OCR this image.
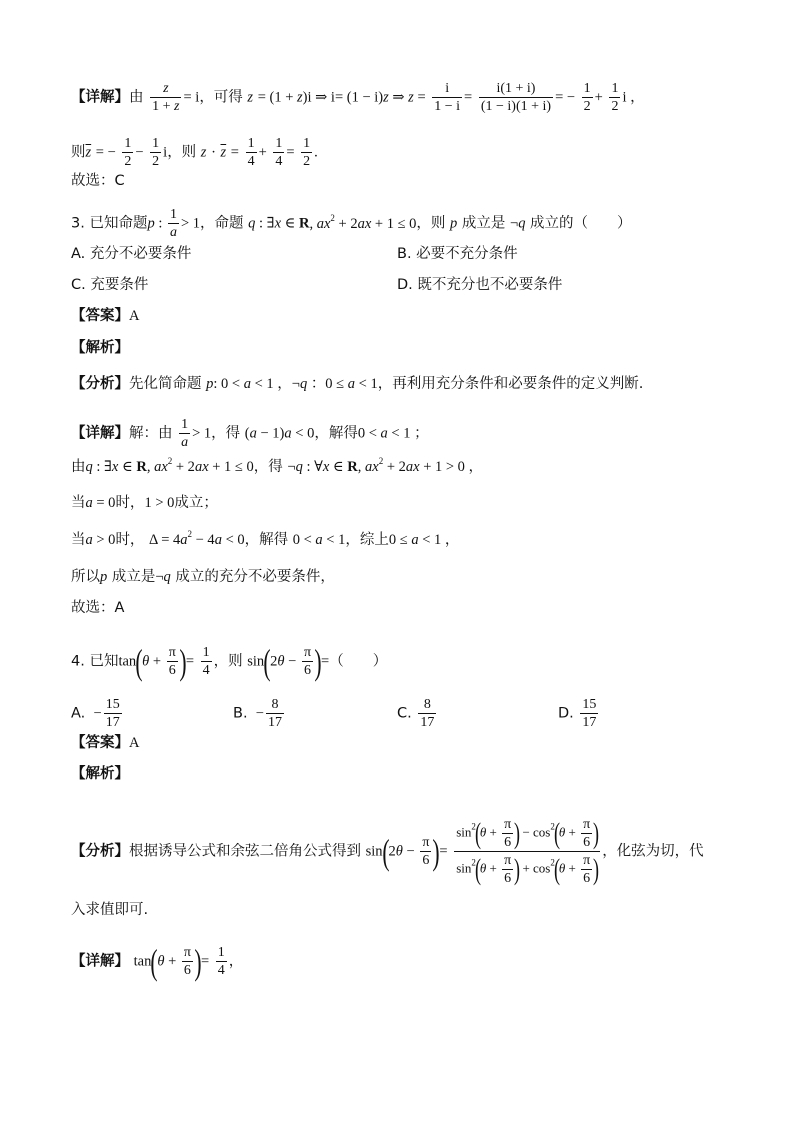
【详解】由 $\frac{z}{1 + z} = i$，可得 z = (1 + z)i ⇒ i= (1 − i)z ⇒ $z = \frac{i}{1 - i} = \frac{i(1 + i)}{(1 - i)(1 + i)}$ = − $\frac{1}{2} + \frac{1}{2}$ i ，
则$\overline{z}$ = − $\frac{1}{2} - \frac{1}{2}$ i，则 $z \cdot \overline{z} = \frac{1}{4} + \frac{1}{4} = \frac{1}{2}$ .
故选：C
3. 已知命题p : $\frac{1}{a} > 1$，命题 q : ∃x ∈ R, $ax^2 + 2ax + 1 \le 0$，则 p 成立是 ¬q 成立的（　　）
A. 充分不必要条件	B. 必要不充分条件
C. 充要条件	D. 既不充分也不必要条件
【答案】A
【解析】
【分析】先化简命题 p: 0 < a < 1 ，¬q ：0 ≤ a < 1，再利用充分条件和必要条件的定义判断.
【详解】解：由 $\frac{1}{a} > 1$，得 (a − 1)a < 0，解得0 < a < 1 ；
由q : ∃x ∈ R, $ax^2 + 2ax + 1 \le 0$，得 ¬q : ∀x ∈ R, $ax^2 + 2ax + 1 > 0$ ，
当a = 0时，1 > 0成立；
当a > 0时， $\Delta = 4a^2 - 4a < 0$，解得 0 < a < 1，综上0 ≤ a < 1 ，
所以p 成立是¬q 成立的充分不必要条件，
故选：A
4. 已知$\tan(\theta + \frac{\pi}{6}$ )= $\frac{1}{4}$ ，则 $\sin(2\theta - \frac{\pi}{6}$ )=（　　）
A.  − $\frac{15}{17}$	B.  − $\frac{8}{17}$	C. $\frac{8}{17}$	D. $\frac{15}{17}$
【答案】A
【解析】
【分析】根据诱导公式和余弦二倍角公式得到 $\sin(2\theta - \frac{\pi}{6}$ )= $\frac{\sin^2(\theta + \frac{\pi}{6} ) - \cos^2(\theta + \frac{\pi}{6} )}{\sin^2(\theta + \frac{\pi}{6} ) + \cos^2(\theta + \frac{\pi}{6} )}$ ，化弦为切，代
入求值即可.
【详解】 $\tan(\theta + \frac{\pi}{6}$ )= $\frac{1}{4}$ ，
